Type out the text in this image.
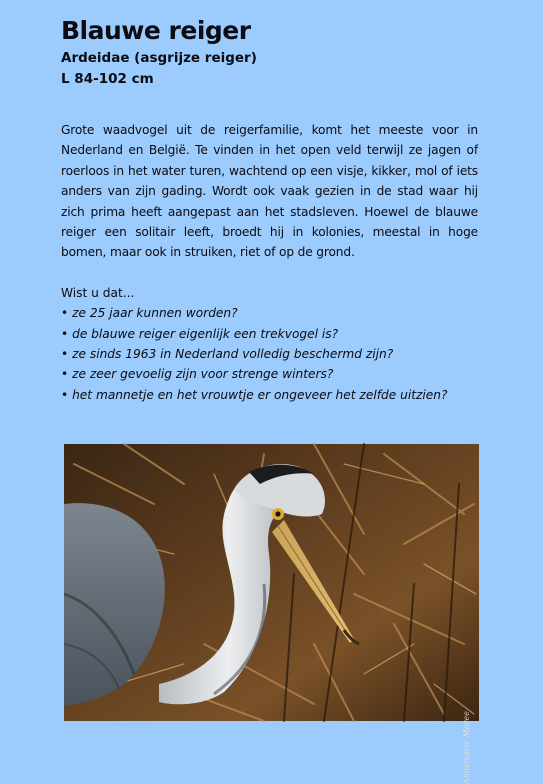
Blauwe reiger

Ardeidae (asgrijze reiger)

L 84-102 cm

Grote waadvogel uit de reigerfamilie, komt het meeste voor in Nederland en België. Te vinden in het open veld terwijl ze jagen of roerloos in het water turen, wachtend op een visje, kikker, mol of iets anders van zijn gading. Wordt ook vaak gezien in de stad waar hij zich prima heeft aangepast aan het stadsleven. Hoewel de blauwe reiger een solitair leeft, broedt hij in kolonies, meestal in hoge bomen, maar ook in struiken, riet of op de grond.

Wist u dat...

• ze 25 jaar kunnen worden?
• de blauwe reiger eigenlijk een trekvogel is?
• ze sinds 1963 in Nederland volledig beschermd zijn?
• ze zeer gevoelig zijn voor strenge winters?
• het mannetje en het vrouwtje er ongeveer het zelfde uitzien?
Annemarie Moree
